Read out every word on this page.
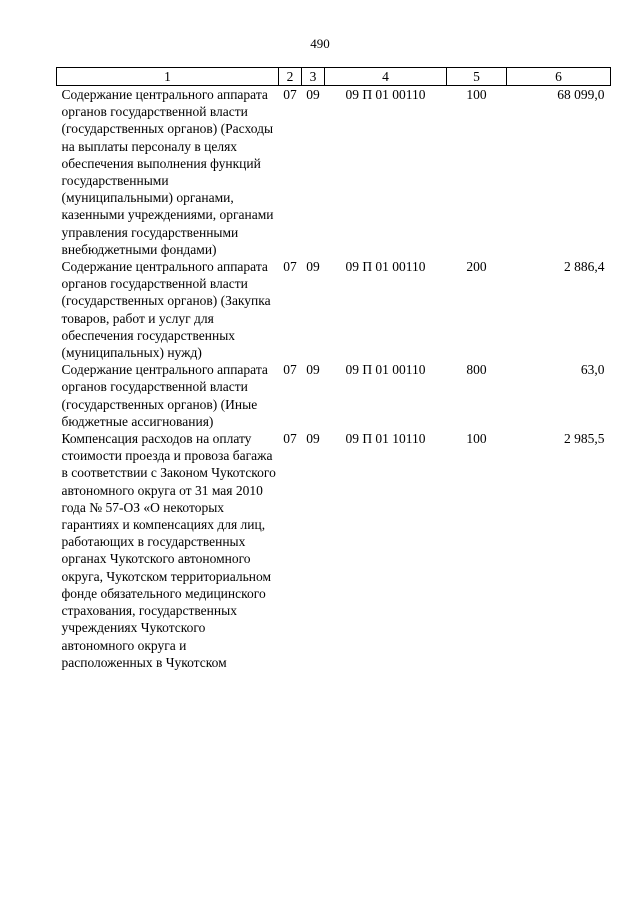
490
1	2	3	4	5	6
Содержание центрального аппарата органов государственной власти (государственных органов) (Расходы на выплаты персоналу в целях обеспечения выполнения функций государственными (муниципальными) органами, казенными учреждениями, органами управления государственными внебюджетными фондами)	07	09	09 П 01 00110	100	68 099,0
Содержание центрального аппарата органов государственной власти (государственных органов) (Закупка товаров, работ и услуг для обеспечения государственных (муниципальных) нужд)	07	09	09 П 01 00110	200	2 886,4
Содержание центрального аппарата органов государственной власти (государственных органов) (Иные бюджетные ассигнования)	07	09	09 П 01 00110	800	63,0
Компенсация расходов на оплату стоимости проезда и провоза багажа в соответствии с Законом Чукотского автономного округа от 31 мая 2010 года № 57-ОЗ «О некоторых гарантиях и компенсациях для лиц, работающих в государственных органах Чукотского автономного округа, Чукотском территориальном фонде обязательного медицинского страхования, государственных учреждениях Чукотского автономного округа и расположенных в Чукотском	07	09	09 П 01 10110	100	2 985,5
